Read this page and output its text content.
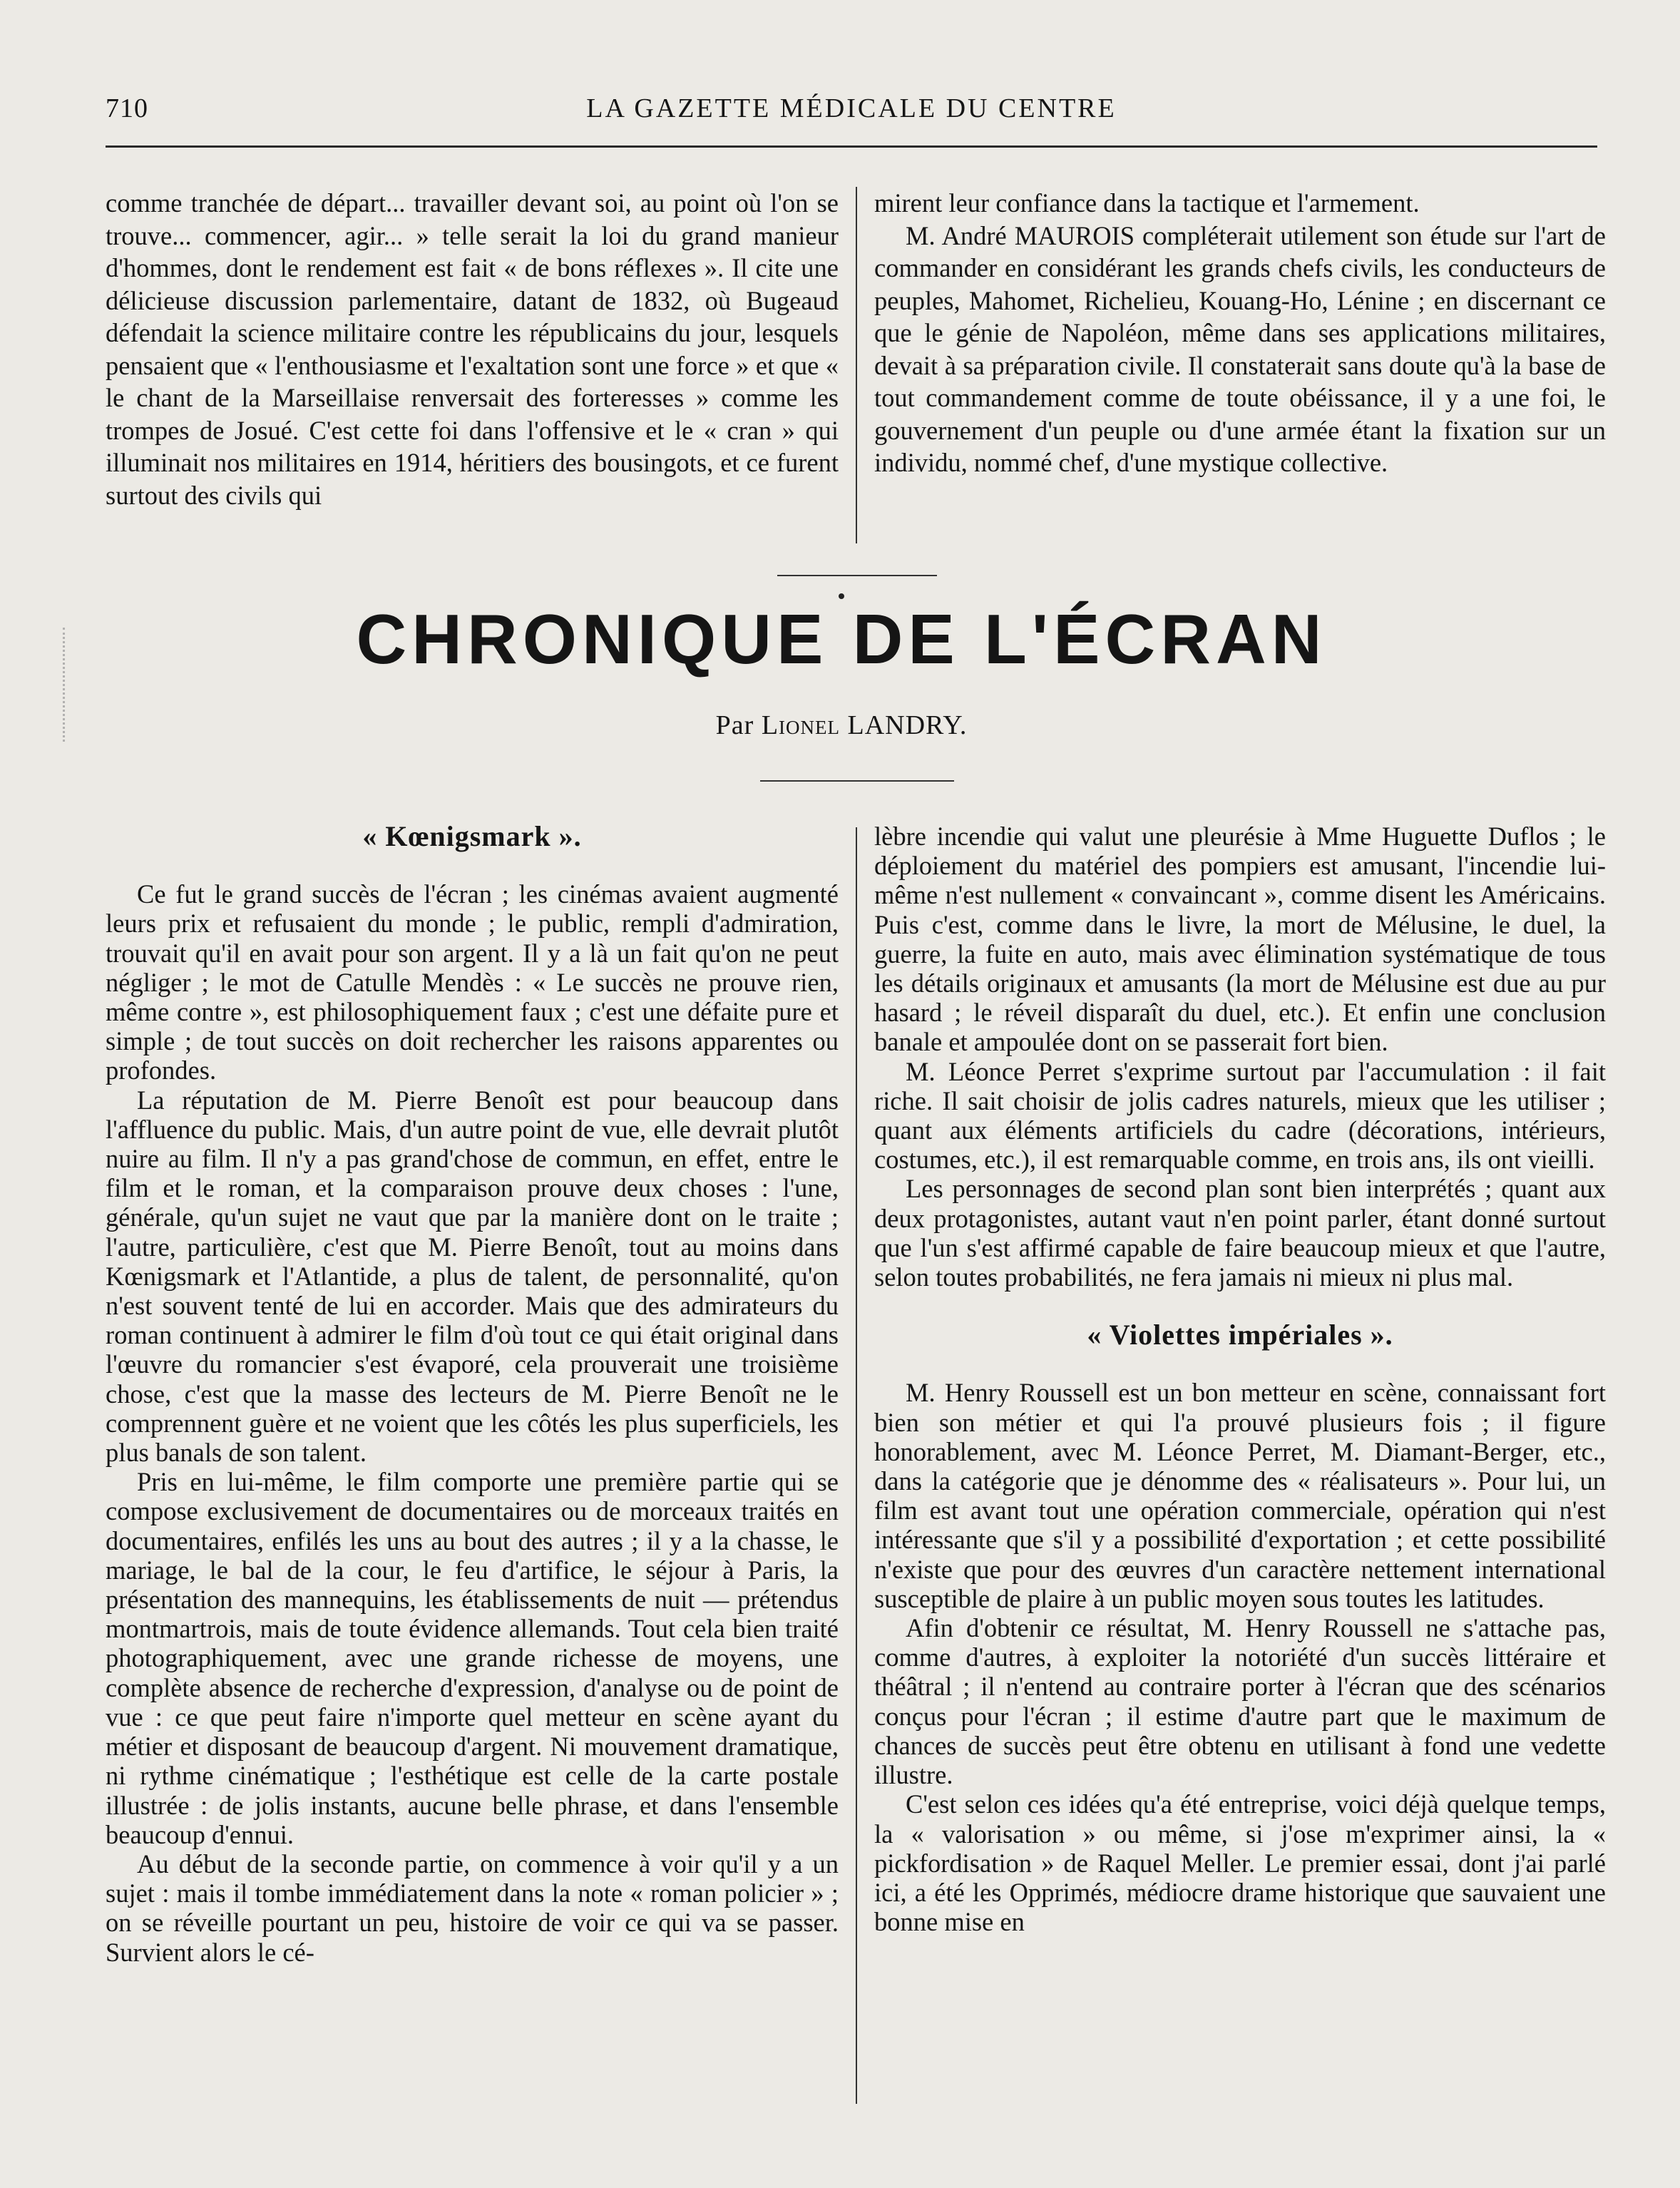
710	LA GAZETTE MÉDICALE DU CENTRE

comme tranchée de départ... travailler devant soi, au point où l'on se trouve... commencer, agir... » telle serait la loi du grand manieur d'hommes, dont le rendement est fait « de bons réflexes ». Il cite une délicieuse discussion parlementaire, datant de 1832, où Bugeaud défendait la science militaire contre les républicains du jour, lesquels pensaient que « l'enthousiasme et l'exaltation sont une force » et que « le chant de la Marseillaise renversait des forteresses » comme les trompes de Josué. C'est cette foi dans l'offensive et le « cran » qui illuminait nos militaires en 1914, héritiers des bousingots, et ce furent surtout des civils qui

mirent leur confiance dans la tactique et l'armement.

M. André MAUROIS compléterait utilement son étude sur l'art de commander en considérant les grands chefs civils, les conducteurs de peuples, Mahomet, Richelieu, Kouang-Ho, Lénine ; en discernant ce que le génie de Napoléon, même dans ses applications militaires, devait à sa préparation civile. Il constaterait sans doute qu'à la base de tout commandement comme de toute obéissance, il y a une foi, le gouvernement d'un peuple ou d'une armée étant la fixation sur un individu, nommé chef, d'une mystique collective.

CHRONIQUE DE L'ÉCRAN
Par Lionel LANDRY.
« Kœnigsmark ».

Ce fut le grand succès de l'écran ; les cinémas avaient augmenté leurs prix et refusaient du monde ; le public, rempli d'admiration, trouvait qu'il en avait pour son argent. Il y a là un fait qu'on ne peut négliger ; le mot de Catulle Mendès : « Le succès ne prouve rien, même contre », est philosophiquement faux ; c'est une défaite pure et simple ; de tout succès on doit rechercher les raisons apparentes ou profondes.

La réputation de M. Pierre Benoît est pour beaucoup dans l'affluence du public. Mais, d'un autre point de vue, elle devrait plutôt nuire au film. Il n'y a pas grand'chose de commun, en effet, entre le film et le roman, et la comparaison prouve deux choses : l'une, générale, qu'un sujet ne vaut que par la manière dont on le traite ; l'autre, particulière, c'est que M. Pierre Benoît, tout au moins dans Kœnigsmark et l'Atlantide, a plus de talent, de personnalité, qu'on n'est souvent tenté de lui en accorder. Mais que des admirateurs du roman continuent à admirer le film d'où tout ce qui était original dans l'œuvre du romancier s'est évaporé, cela prouverait une troisième chose, c'est que la masse des lecteurs de M. Pierre Benoît ne le comprennent guère et ne voient que les côtés les plus superficiels, les plus banals de son talent.

Pris en lui-même, le film comporte une première partie qui se compose exclusivement de documentaires ou de morceaux traités en documentaires, enfilés les uns au bout des autres ; il y a la chasse, le mariage, le bal de la cour, le feu d'artifice, le séjour à Paris, la présentation des mannequins, les établissements de nuit — prétendus montmartrois, mais de toute évidence allemands. Tout cela bien traité photographiquement, avec une grande richesse de moyens, une complète absence de recherche d'expression, d'analyse ou de point de vue : ce que peut faire n'importe quel metteur en scène ayant du métier et disposant de beaucoup d'argent. Ni mouvement dramatique, ni rythme cinématique ; l'esthétique est celle de la carte postale illustrée : de jolis instants, aucune belle phrase, et dans l'ensemble beaucoup d'ennui.

Au début de la seconde partie, on commence à voir qu'il y a un sujet : mais il tombe immédiatement dans la note « roman policier » ; on se réveille pourtant un peu, histoire de voir ce qui va se passer. Survient alors le cé-

lèbre incendie qui valut une pleurésie à Mme Huguette Duflos ; le déploiement du matériel des pompiers est amusant, l'incendie lui-même n'est nullement « convaincant », comme disent les Américains. Puis c'est, comme dans le livre, la mort de Mélusine, le duel, la guerre, la fuite en auto, mais avec élimination systématique de tous les détails originaux et amusants (la mort de Mélusine est due au pur hasard ; le réveil disparaît du duel, etc.). Et enfin une conclusion banale et ampoulée dont on se passerait fort bien.

M. Léonce Perret s'exprime surtout par l'accumulation : il fait riche. Il sait choisir de jolis cadres naturels, mieux que les utiliser ; quant aux éléments artificiels du cadre (décorations, intérieurs, costumes, etc.), il est remarquable comme, en trois ans, ils ont vieilli.

Les personnages de second plan sont bien interprétés ; quant aux deux protagonistes, autant vaut n'en point parler, étant donné surtout que l'un s'est affirmé capable de faire beaucoup mieux et que l'autre, selon toutes probabilités, ne fera jamais ni mieux ni plus mal.

« Violettes impériales ».

M. Henry Roussell est un bon metteur en scène, connaissant fort bien son métier et qui l'a prouvé plusieurs fois ; il figure honorablement, avec M. Léonce Perret, M. Diamant-Berger, etc., dans la catégorie que je dénomme des « réalisateurs ». Pour lui, un film est avant tout une opération commerciale, opération qui n'est intéressante que s'il y a possibilité d'exportation ; et cette possibilité n'existe que pour des œuvres d'un caractère nettement international susceptible de plaire à un public moyen sous toutes les latitudes.

Afin d'obtenir ce résultat, M. Henry Roussell ne s'attache pas, comme d'autres, à exploiter la notoriété d'un succès littéraire et théâtral ; il n'entend au contraire porter à l'écran que des scénarios conçus pour l'écran ; il estime d'autre part que le maximum de chances de succès peut être obtenu en utilisant à fond une vedette illustre.

C'est selon ces idées qu'a été entreprise, voici déjà quelque temps, la « valorisation » ou même, si j'ose m'exprimer ainsi, la « pickfordisation » de Raquel Meller. Le premier essai, dont j'ai parlé ici, a été les Opprimés, médiocre drame historique que sauvaient une bonne mise en
